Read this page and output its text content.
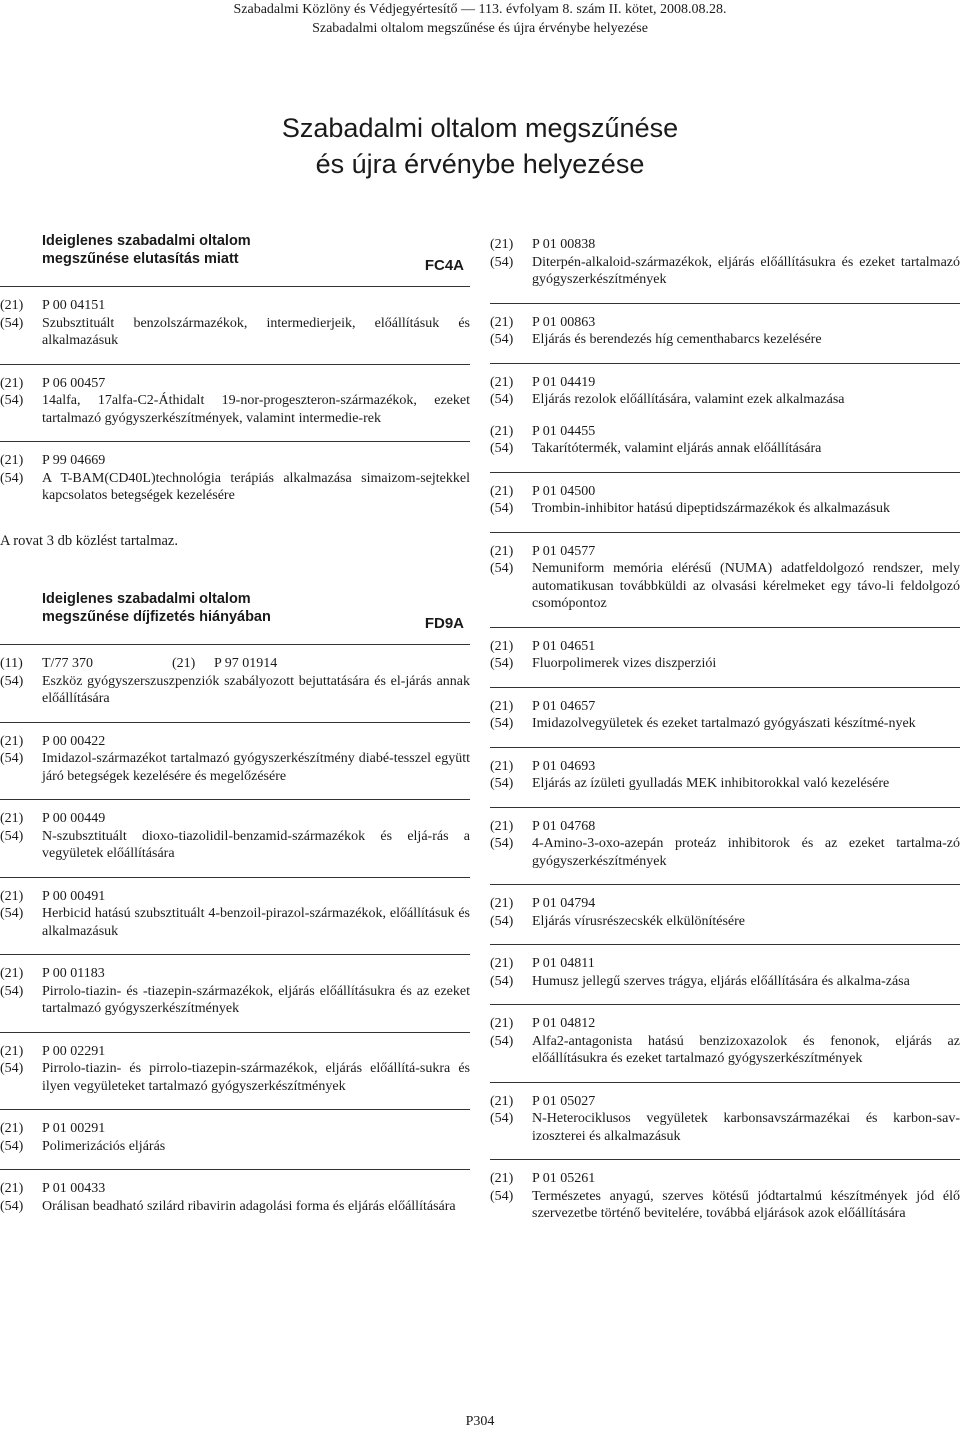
Szabadalmi Közlöny és Védjegyértesítő — 113. évfolyam 8. szám II. kötet, 2008.08.28.
Szabadalmi oltalom megszűnése és újra érvénybe helyezése
Szabadalmi oltalom megszűnése
és újra érvénybe helyezése
Ideiglenes szabadalmi oltalom
megszűnése elutasítás miatt	FC4A
(21)	P 00 04151
(54)	Szubsztituált benzolszármazékok, intermedierjeik, előállításuk és alkalmazásuk
(21)	P 06 00457
(54)	14alfa, 17alfa-C2-Áthidalt 19-nor-progeszteron-származékok, ezeket tartalmazó gyógyszerkészítmények, valamint intermedie-rek
(21)	P 99 04669
(54)	A T-BAM(CD40L)technológia terápiás alkalmazása simaizom-sejtekkel kapcsolatos betegségek kezelésére
A rovat 3 db közlést tartalmaz.
Ideiglenes szabadalmi oltalom
megszűnése díjfizetés hiányában	FD9A
(11)	T/77 370	(21)	P 97 01914
(54)	Eszköz gyógyszerszuszpenziók szabályozott bejuttatására és el-járás annak előállítására
(21)	P 00 00422
(54)	Imidazol-származékot tartalmazó gyógyszerkészítmény diabé-tesszel együtt járó betegségek kezelésére és megelőzésére
(21)	P 00 00449
(54)	N-szubsztituált dioxo-tiazolidil-benzamid-származékok és eljá-rás a vegyületek előállítására
(21)	P 00 00491
(54)	Herbicid hatású szubsztituált 4-benzoil-pirazol-származékok, előállításuk és alkalmazásuk
(21)	P 00 01183
(54)	Pirrolo-tiazin- és -tiazepin-származékok, eljárás előállításukra és az ezeket tartalmazó gyógyszerkészítmények
(21)	P 00 02291
(54)	Pirrolo-tiazin- és pirrolo-tiazepin-származékok, eljárás előállítá-sukra és ilyen vegyületeket tartalmazó gyógyszerkészítmények
(21)	P 01 00291
(54)	Polimerizációs eljárás
(21)	P 01 00433
(54)	Orálisan beadható szilárd ribavirin adagolási forma és eljárás előállítására
(21)	P 01 00838
(54)	Diterpén-alkaloid-származékok, eljárás előállításukra és ezeket tartalmazó gyógyszerkészítmények
(21)	P 01 00863
(54)	Eljárás és berendezés híg cementhabarcs kezelésére
(21)	P 01 04419
(54)	Eljárás rezolok előállítására, valamint ezek alkalmazása
(21)	P 01 04455
(54)	Takarítótermék, valamint eljárás annak előállítására
(21)	P 01 04500
(54)	Trombin-inhibitor hatású dipeptidszármazékok és alkalmazásuk
(21)	P 01 04577
(54)	Nemuniform memória elérésű (NUMA) adatfeldolgozó rendszer, mely automatikusan továbbküldi az olvasási kérelmeket egy távo-li feldolgozó csomópontoz
(21)	P 01 04651
(54)	Fluorpolimerek vizes diszperziói
(21)	P 01 04657
(54)	Imidazolvegyületek és ezeket tartalmazó gyógyászati készítmé-nyek
(21)	P 01 04693
(54)	Eljárás az ízületi gyulladás MEK inhibitorokkal való kezelésére
(21)	P 01 04768
(54)	4-Amino-3-oxo-azepán proteáz inhibitorok és az ezeket tartalma-zó gyógyszerkészítmények
(21)	P 01 04794
(54)	Eljárás vírusrészecskék elkülönítésére
(21)	P 01 04811
(54)	Humusz jellegű szerves trágya, eljárás előállítására és alkalma-zása
(21)	P 01 04812
(54)	Alfa2-antagonista hatású benzizoxazolok és fenonok, eljárás az előállításukra és ezeket tartalmazó gyógyszerkészítmények
(21)	P 01 05027
(54)	N-Heterociklusos vegyületek karbonsavszármazékai és karbon-sav-izoszterei és alkalmazásuk
(21)	P 01 05261
(54)	Természetes anyagú, szerves kötésű jódtartalmú készítmények jód élő szervezetbe történő bevitelére, továbbá eljárások azok előállítására
P304
